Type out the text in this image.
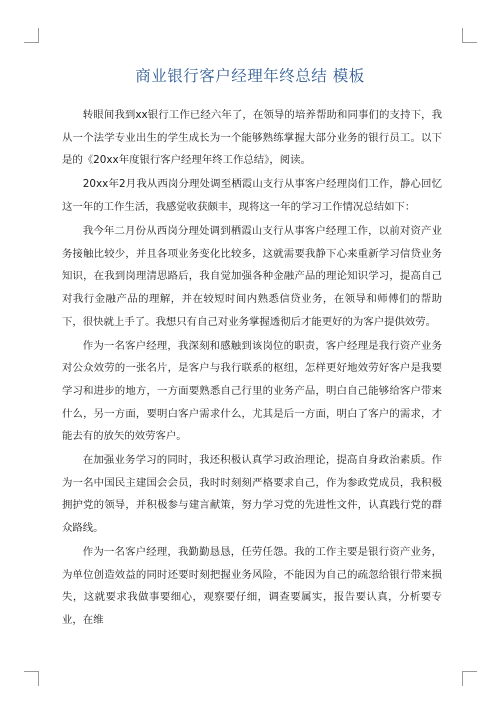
商业银行客户经理年终总结 模板

转眼间我到xx银行工作已经六年了，在领导的培养帮助和同事们的支持下，我从一个法学专业出生的学生成长为一个能够熟练掌握大部分业务的银行员工。以下是的《20xx年度银行客户经理年终工作总结》，阅读。

20xx年2月我从西岗分理处调至栖霞山支行从事客户经理岗们工作，静心回忆这一年的工作生活，我感觉收获颇丰，现将这一年的学习工作情况总结如下：

我今年二月份从西岗分理处调到栖霞山支行从事客户经理工作，以前对资产业务接触比较少，并且各项业务变化比较多，这就需要我静下心来重新学习信贷业务知识，在我到岗理清思路后，我自觉加强各种金融产品的理论知识学习，提高自己对我行金融产品的理解，并在较短时间内熟悉信贷业务，在领导和师傅们的帮助下，很快就上手了。我想只有自己对业务掌握透彻后才能更好的为客户提供效劳。

作为一名客户经理，我深刻和感触到该岗位的职责，客户经理是我行资产业务对公众效劳的一张名片，是客户与我行联系的枢纽，怎样更好地效劳好客户是我要学习和进步的地方，一方面要熟悉自己行里的业务产品，明白自己能够给客户带来什么，另一方面，要明白客户需求什么，尤其是后一方面，明白了客户的需求，才能去有的放矢的效劳客户。

在加强业务学习的同时，我还积极认真学习政治理论，提高自身政治素质。作为一名中国民主建国会会员，我时时刻刻严格要求自己，作为参政党成员，我积极拥护党的领导，并积极参与建言献策，努力学习党的先进性文件，认真践行党的群众路线。

作为一名客户经理，我勤勤恳恳，任劳任怨。我的工作主要是银行资产业务，为单位创造效益的同时还要时刻把握业务风险，不能因为自己的疏忽给银行带来损失，这就要求我做事要细心，观察要仔细，调查要属实，报告要认真，分析要专业，在维
